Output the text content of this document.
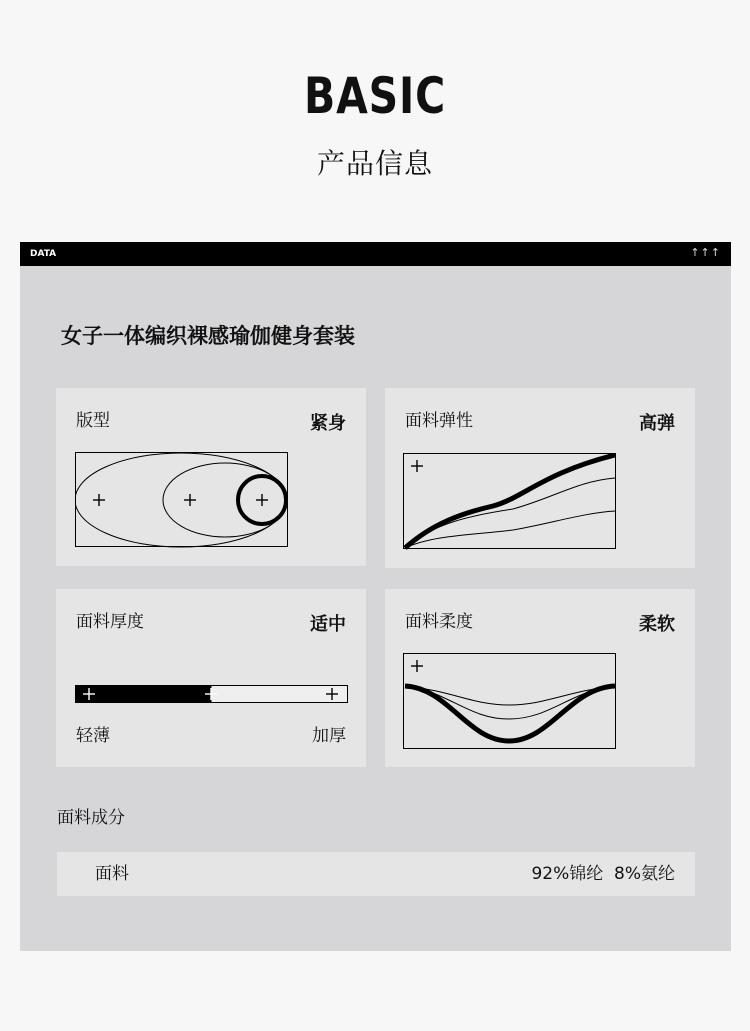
BASIC
产品信息
DATA	↑↑↑
女子一体编织裸感瑜伽健身套装
版型	紧身	面料弹性	高弹
面料厚度	适中
轻薄	加厚
面料柔度	柔软
面料成分
面料	92%锦纶  8%氨纶
